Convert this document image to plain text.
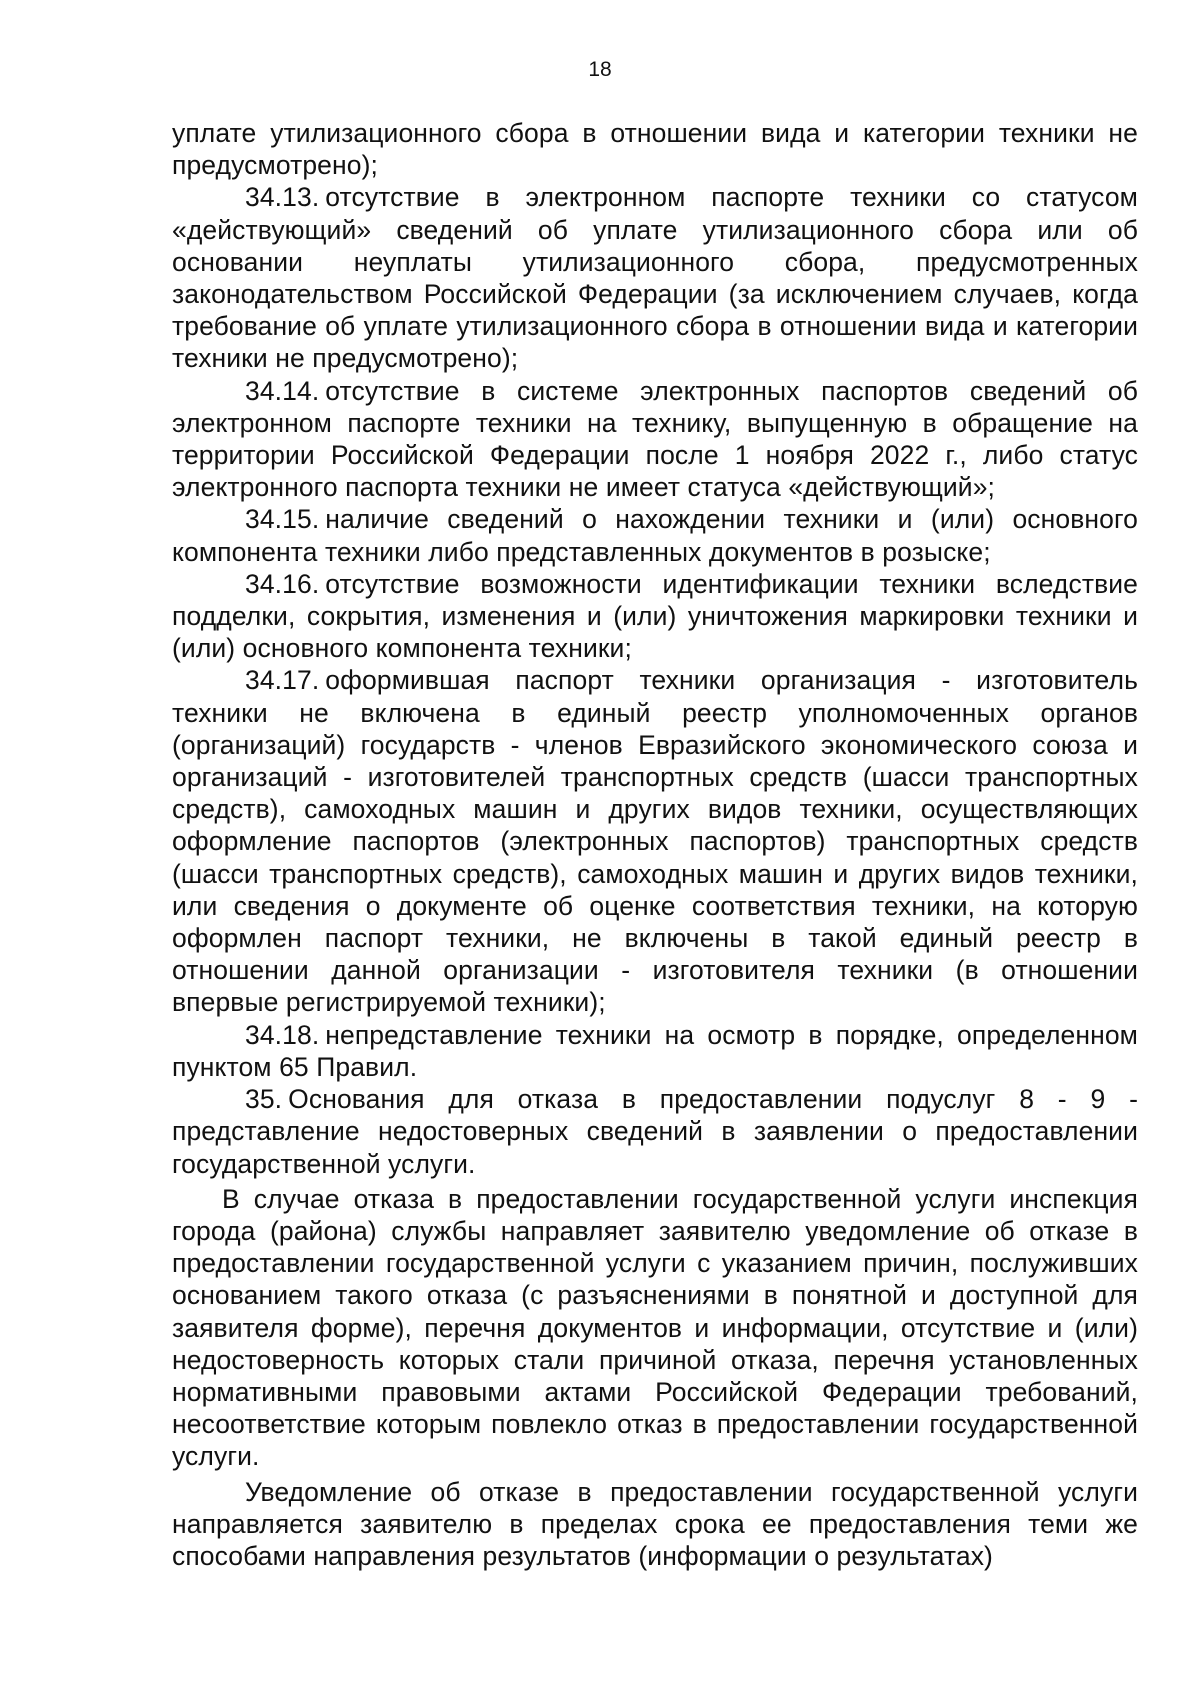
18

уплате утилизационного сбора в отношении вида и категории техники не предусмотрено);

34.13. отсутствие в электронном паспорте техники со статусом «действующий» сведений об уплате утилизационного сбора или об основании неуплаты утилизационного сбора, предусмотренных законодательством Российской Федерации (за исключением случаев, когда требование об уплате утилизационного сбора в отношении вида и категории техники не предусмотрено);

34.14. отсутствие в системе электронных паспортов сведений об электронном паспорте техники на технику, выпущенную в обращение на территории Российской Федерации после 1 ноября 2022 г., либо статус электронного паспорта техники не имеет статуса «действующий»;

34.15. наличие сведений о нахождении техники и (или) основного компонента техники либо представленных документов в розыске;

34.16. отсутствие возможности идентификации техники вследствие подделки, сокрытия, изменения и (или) уничтожения маркировки техники и (или) основного компонента техники;

34.17. оформившая паспорт техники организация - изготовитель техники не включена в единый реестр уполномоченных органов (организаций) государств - членов Евразийского экономического союза и организаций - изготовителей транспортных средств (шасси транспортных средств), самоходных машин и других видов техники, осуществляющих оформление паспортов (электронных паспортов) транспортных средств (шасси транспортных средств), самоходных машин и других видов техники, или сведения о документе об оценке соответствия техники, на которую оформлен паспорт техники, не включены в такой единый реестр в отношении данной организации - изготовителя техники (в отношении впервые регистрируемой техники);

34.18. непредставление техники на осмотр в порядке, определенном пунктом 65 Правил.

35. Основания для отказа в предоставлении подуслуг 8 - 9 - представление недостоверных сведений в заявлении о предоставлении государственной услуги.

В случае отказа в предоставлении государственной услуги инспекция города (района) службы направляет заявителю уведомление об отказе в предоставлении государственной услуги с указанием причин, послуживших основанием такого отказа (с разъяснениями в понятной и доступной для заявителя форме), перечня документов и информации, отсутствие и (или) недостоверность которых стали причиной отказа, перечня установленных нормативными правовыми актами Российской Федерации требований, несоответствие которым повлекло отказ в предоставлении государственной услуги.

Уведомление об отказе в предоставлении государственной услуги направляется заявителю в пределах срока ее предоставления теми же способами направления результатов (информации о результатах)
